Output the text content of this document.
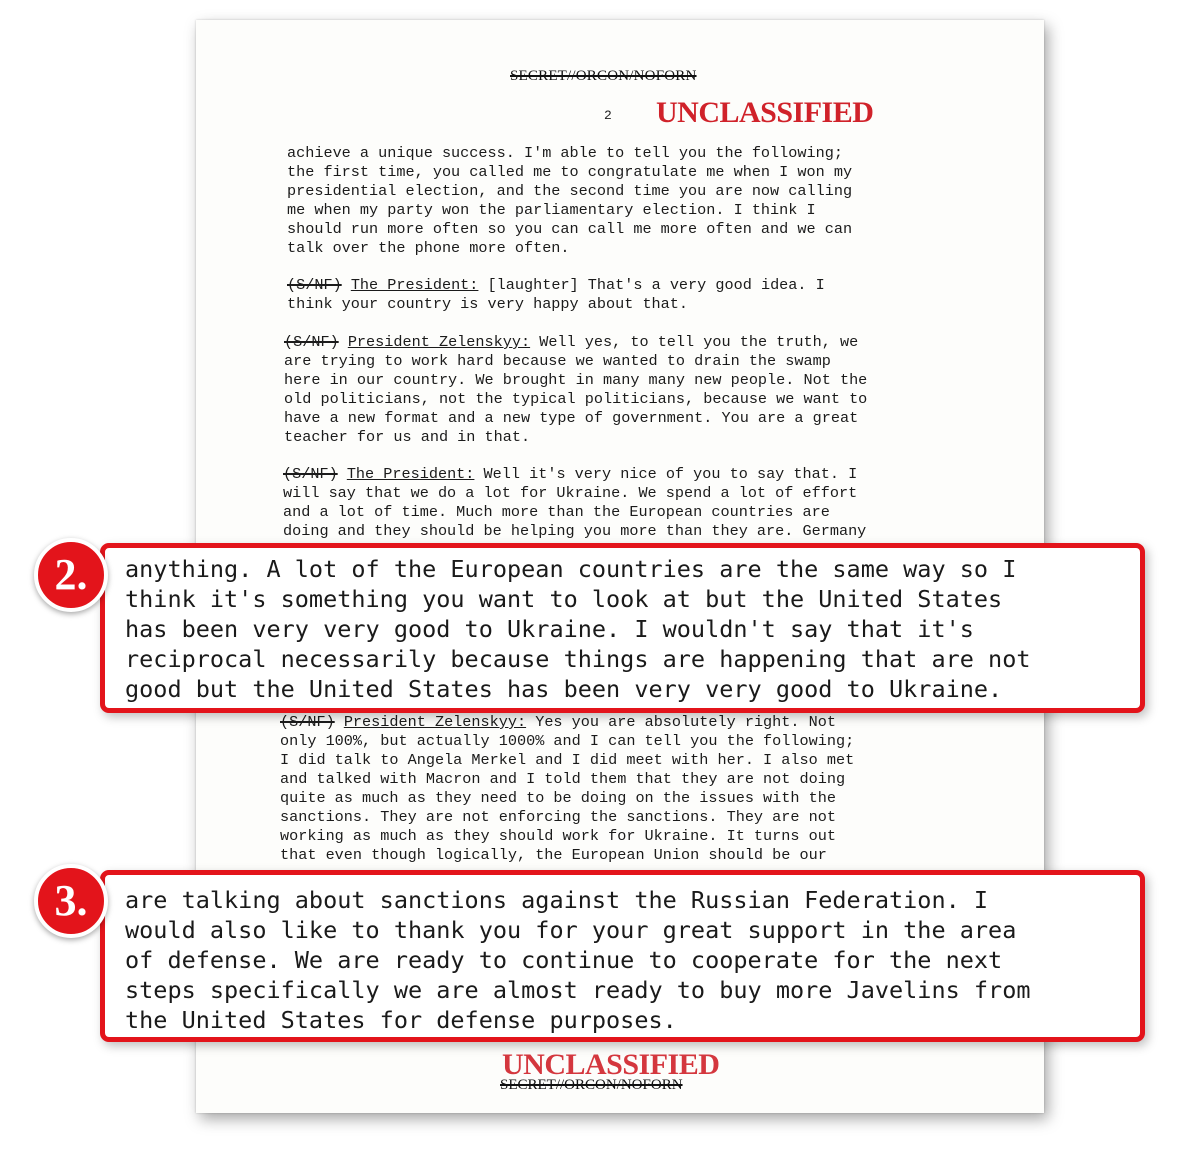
SECRET//ORCON/NOFORN
2 UNCLASSIFIED

achieve a unique success. I'm able to tell you the following;

the first time, you called me to congratulate me when I won my

presidential election, and the second time you are now calling

me when my party won the parliamentary election. I think I

should run more often so you can call me more often and we can

talk over the phone more often.

(S/NF) The President: [laughter] That's a very good idea. I

think your country is very happy about that.

(S/NF) President Zelenskyy: Well yes, to tell you the truth, we

are trying to work hard because we wanted to drain the swamp

here in our country. We brought in many many new people. Not the

old politicians, not the typical politicians, because we want to

have a new format and a new type of government. You are a great

teacher for us and in that.

(S/NF) The President: Well it's very nice of you to say that. I

will say that we do a lot for Ukraine. We spend a lot of effort

and a lot of time. Much more than the European countries are

doing and they should be helping you more than they are. Germany

(S/NF) President Zelenskyy: Yes you are absolutely right. Not

only 100%, but actually 1000% and I can tell you the following;

I did talk to Angela Merkel and I did meet with her. I also met

and talked with Macron and I told them that they are not doing

quite as much as they need to be doing on the issues with the

sanctions. They are not enforcing the sanctions. They are not

working as much as they should work for Ukraine. It turns out

that even though logically, the European Union should be our

anything. A lot of the European countries are the same way so I
think it's something you want to look at but the United States
has been very very good to Ukraine. I wouldn't say that it's
reciprocal necessarily because things are happening that are not
good but the United States has been very very good to Ukraine.
2.
are talking about sanctions against the Russian Federation. I
would also like to thank you for your great support in the area
of defense. We are ready to continue to cooperate for the next
steps specifically we are almost ready to buy more Javelins from
the United States for defense purposes.
3.
UNCLASSIFIED
SECRET//ORCON/NOFORN
